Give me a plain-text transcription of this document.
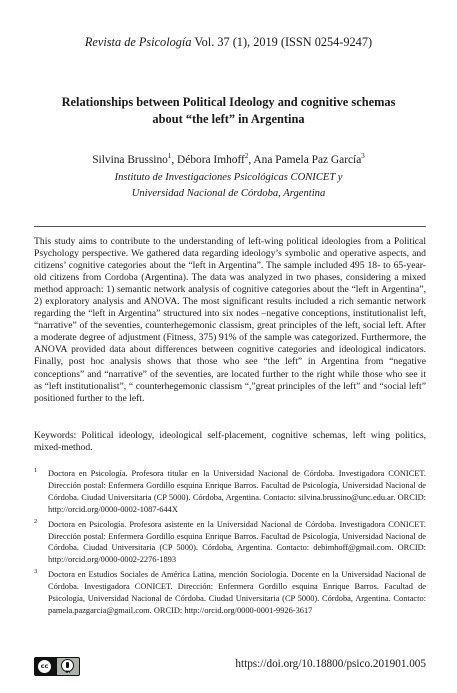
Revista de Psicología Vol. 37 (1), 2019 (ISSN 0254-9247)
Relationships between Political Ideology and cognitive schemas
about “the left” in Argentina
Silvina Brussino$^1$, Débora Imhoff$^2$, Ana Pamela Paz García$^3$
Instituto de Investigaciones Psicológicas CONICET y
Universidad Nacional de Córdoba, Argentina

This study aims to contribute to the understanding of left-wing political ideologies from a Political Psychology perspective. We gathered data regarding ideology’s symbolic and operative aspects, and citizens’ cognitive categories about the “left in Argentina”. The sample included 495 18- to 65-year-old citizens from Cordoba (Argentina). The data was analyzed in two phases, considering a mixed method approach: 1) semantic network analysis of cognitive categories about the “left in Argentina”, 2) exploratory analysis and ANOVA. The most significant results included a rich semantic network regarding the “left in Argentina” structured into six nodes –negative conceptions, institutionalist left, “narrative” of the seventies, counterhegemonic classism, great principles of the left, social left. After a moderate degree of adjustment (Fitness, 375) 91% of the sample was categorized. Furthermore, the ANOVA provided data about differences between cognitive categories and ideological indicators. Finally, post hoc analysis shows that those who see “the left” in Argentina from “negative conceptions” and “narrative” of the seventies, are located further to the right while those who see it as “left institutionalist”, “ counterhegemonic classism “,”great principles of the left” and “social left” positioned further to the left.

Keywords: Political ideology, ideological self-placement, cognitive schemas, left wing politics, mixed-method.

1 Doctora en Psicología. Profesora titular en la Universidad Nacional de Córdoba. Investigadora CONICET. Dirección postal: Enfermera Gordillo esquina Enrique Barros. Facultad de Psicología, Universidad Nacional de Córdoba. Ciudad Universitaria (CP 5000). Córdoba, Argentina. Contacto: silvina.brussino@unc.edu.ar. ORCID: http://orcid.org/0000-0002-1087-644X
2 Doctora en Psicología. Profesora asistente en la Universidad Nacional de Córdoba. Investigadora CONICET. Dirección postal: Enfermera Gordillo esquina Enrique Barros. Facultad de Psicología, Universidad Nacional de Córdoba. Ciudad Universitaria (CP 5000). Córdoba, Argentina. Contacto: debimhoff@gmail.com. ORCID: http://orcid.org/0000-0002-2276-1893
3 Doctora en Estudios Sociales de América Latina, mención Sociología. Docente en la Universidad Nacional de Córdoba. Investigadora CONICET. Dirección: Enfermera Gordillo esquina Enrique Barros. Facultad de Psicología, Universidad Nacional de Córdoba. Ciudad Universitaria (CP 5000). Córdoba, Argentina. Contacto: pamela.pazgarcia@gmail.com. ORCID: http://orcid.org/0000-0001-9926-3617
cc
BY
https://doi.org/10.18800/psico.201901.005
